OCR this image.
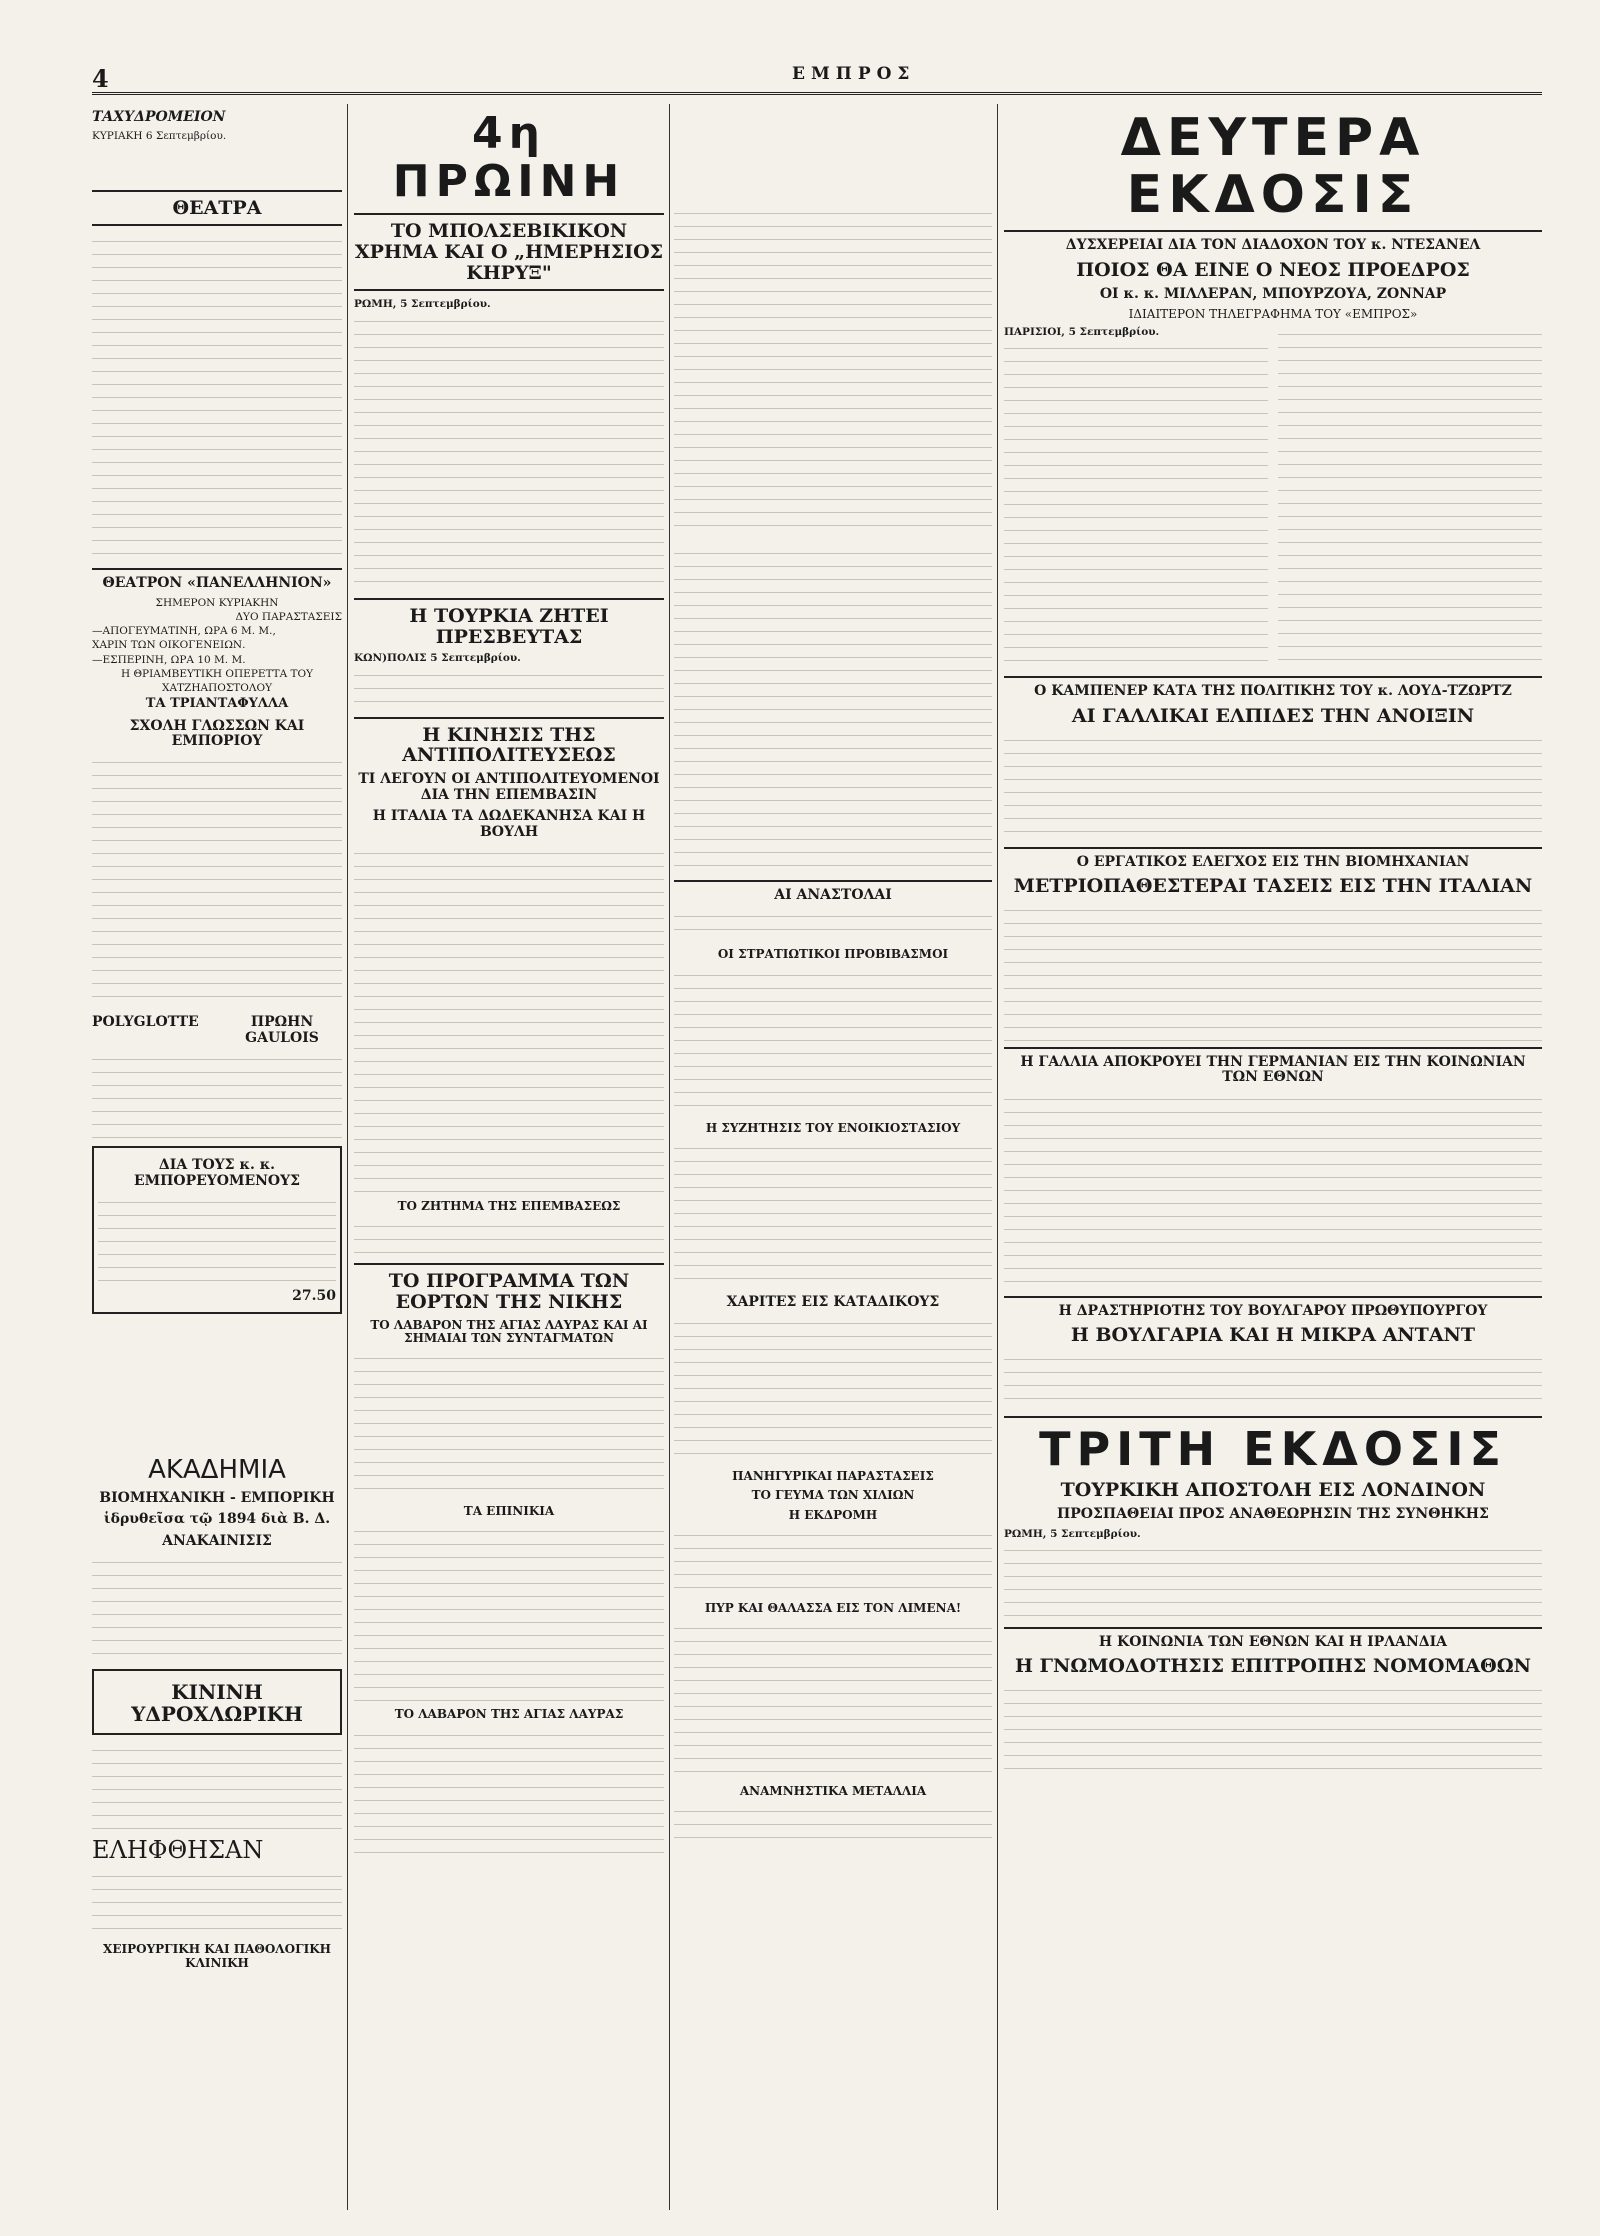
4	ΕΜΠΡΟΣ
ΤΑΧΥΔΡΟΜΕΙΟΝ
ΚΥΡΙΑΚΗ 6 Σεπτεμβρίου.
ΘΕΑΤΡΑ
ΘΕΑΤΡΟΝ «ΠΑΝΕΛΛΗΝΙΟΝ»
ΣΗΜΕΡΟΝ ΚΥΡΙΑΚΗΝ
ΔΥΟ ΠΑΡΑΣΤΑΣΕΙΣ
—ΑΠΟΓΕΥΜΑΤΙΝΗ, ΩΡΑ 6 Μ. Μ.,
ΧΑΡΙΝ ΤΩΝ ΟΙΚΟΓΕΝΕΙΩΝ.
—ΕΣΠΕΡΙΝΗ, ΩΡΑ 10 Μ. Μ.
Η ΘΡΙΑΜΒΕΥΤΙΚΗ ΟΠΕΡΕΤΤΑ ΤΟΥ
ΧΑΤΖΗΑΠΟΣΤΟΛΟΥ
ΤΑ ΤΡΙΑΝΤΑΦΥΛΛΑ
ΣΧΟΛΗ ΓΛΩΣΣΩΝ ΚΑΙ ΕΜΠΟΡΙΟΥ
POLYGLOTTE	ΠΡΩΗΝ GAULOIS
ΔΙΑ ΤΟΥΣ κ. κ. ΕΜΠΟΡΕΥΟΜΕΝΟΥΣ
27.50
ΑΚΑΔΗΜΙΑ
ΒΙΟΜΗΧΑΝΙΚΗ - ΕΜΠΟΡΙΚΗ
ἱδρυθεῖσα τῷ 1894 διὰ Β. Δ.
ΑΝΑΚΑΙΝΙΣΙΣ
ΚΙΝΙΝΗ ΥΔΡΟΧΛΩΡΙΚΗ
ΕΛΗΦΘΗΣΑΝ
ΧΕΙΡΟΥΡΓΙΚΗ ΚΑΙ ΠΑΘΟΛΟΓΙΚΗ ΚΛΙΝΙΚΗ
4η ΠΡΩΙΝΗ
ΤΟ ΜΠΟΛΣΕΒΙΚΙΚΟΝ ΧΡΗΜΑ ΚΑΙ Ο „ΗΜΕΡΗΣΙΟΣ ΚΗΡΥΞ"
ΡΩΜΗ, 5 Σεπτεμβρίου.
Η ΤΟΥΡΚΙΑ ΖΗΤΕΙ ΠΡΕΣΒΕΥΤΑΣ
ΚΩΝ)ΠΟΛΙΣ 5 Σεπτεμβρίου.
Η ΚΙΝΗΣΙΣ ΤΗΣ ΑΝΤΙΠΟΛΙΤΕΥΣΕΩΣ
ΤΙ ΛΕΓΟΥΝ ΟΙ ΑΝΤΙΠΟΛΙΤΕΥΟΜΕΝΟΙ ΔΙΑ ΤΗΝ ΕΠΕΜΒΑΣΙΝ
Η ΙΤΑΛΙΑ ΤΑ ΔΩΔΕΚΑΝΗΣΑ ΚΑΙ Η ΒΟΥΛΗ
ΤΟ ΖΗΤΗΜΑ ΤΗΣ ΕΠΕΜΒΑΣΕΩΣ
ΤΟ ΠΡΟΓΡΑΜΜΑ ΤΩΝ ΕΟΡΤΩΝ ΤΗΣ ΝΙΚΗΣ
ΤΟ ΛΑΒΑΡΟΝ ΤΗΣ ΑΓΙΑΣ ΛΑΥΡΑΣ ΚΑΙ ΑΙ ΣΗΜΑΙΑΙ ΤΩΝ ΣΥΝΤΑΓΜΑΤΩΝ
ΤΑ ΕΠΙΝΙΚΙΑ
ΤΟ ΛΑΒΑΡΟΝ ΤΗΣ ΑΓΙΑΣ ΛΑΥΡΑΣ
ΑΙ ΑΝΑΣΤΟΛΑΙ
ΟΙ ΣΤΡΑΤΙΩΤΙΚΟΙ ΠΡΟΒΙΒΑΣΜΟΙ
Η ΣΥΖΗΤΗΣΙΣ ΤΟΥ ΕΝΟΙΚΙΟΣΤΑΣΙΟΥ
ΧΑΡΙΤΕΣ ΕΙΣ ΚΑΤΑΔΙΚΟΥΣ
ΠΑΝΗΓΥΡΙΚΑΙ ΠΑΡΑΣΤΑΣΕΙΣ
ΤΟ ΓΕΥΜΑ ΤΩΝ ΧΙΛΙΩΝ
Η ΕΚΔΡΟΜΗ
ΠΥΡ ΚΑΙ ΘΑΛΑΣΣΑ ΕΙΣ ΤΟΝ ΛΙΜΕΝΑ!
ΑΝΑΜΝΗΣΤΙΚΑ ΜΕΤΑΛΛΙΑ
ΔΕΥΤΕΡΑ ΕΚΔΟΣΙΣ
ΔΥΣΧΕΡΕΙΑΙ ΔΙΑ ΤΟΝ ΔΙΑΔΟΧΟΝ ΤΟΥ κ. ΝΤΕΣΑΝΕΛ
ΠΟΙΟΣ ΘΑ ΕΙΝΕ Ο ΝΕΟΣ ΠΡΟΕΔΡΟΣ
ΟΙ κ. κ. ΜΙΛΛΕΡΑΝ, ΜΠΟΥΡΖΟΥΑ, ΖΟΝΝΑΡ
ΙΔΙΑΙΤΕΡΟΝ ΤΗΛΕΓΡΑΦΗΜΑ ΤΟΥ «ΕΜΠΡΟΣ»
ΠΑΡΙΣΙΟΙ, 5 Σεπτεμβρίου.
Ο ΚΑΜΠΕΝΕΡ ΚΑΤΑ ΤΗΣ ΠΟΛΙΤΙΚΗΣ ΤΟΥ κ. ΛΟΥΔ-ΤΖΩΡΤΖ
ΑΙ ΓΑΛΛΙΚΑΙ ΕΛΠΙΔΕΣ ΤΗΝ ΑΝΟΙΞΙΝ
Ο ΕΡΓΑΤΙΚΟΣ ΕΛΕΓΧΟΣ ΕΙΣ ΤΗΝ ΒΙΟΜΗΧΑΝΙΑΝ
ΜΕΤΡΙΟΠΑΘΕΣΤΕΡΑΙ ΤΑΣΕΙΣ ΕΙΣ ΤΗΝ ΙΤΑΛΙΑΝ
Η ΓΑΛΛΙΑ ΑΠΟΚΡΟΥΕΙ ΤΗΝ ΓΕΡΜΑΝΙΑΝ ΕΙΣ ΤΗΝ ΚΟΙΝΩΝΙΑΝ ΤΩΝ ΕΘΝΩΝ
Η ΔΡΑΣΤΗΡΙΟΤΗΣ ΤΟΥ ΒΟΥΛΓΑΡΟΥ ΠΡΩΘΥΠΟΥΡΓΟΥ
Η ΒΟΥΛΓΑΡΙΑ ΚΑΙ Η ΜΙΚΡΑ ΑΝΤΑΝΤ
ΤΡΙΤΗ ΕΚΔΟΣΙΣ
ΤΟΥΡΚΙΚΗ ΑΠΟΣΤΟΛΗ ΕΙΣ ΛΟΝΔΙΝΟΝ
ΠΡΟΣΠΑΘΕΙΑΙ ΠΡΟΣ ΑΝΑΘΕΩΡΗΣΙΝ ΤΗΣ ΣΥΝΘΗΚΗΣ
ΡΩΜΗ, 5 Σεπτεμβρίου.
Η ΚΟΙΝΩΝΙΑ ΤΩΝ ΕΘΝΩΝ ΚΑΙ Η ΙΡΛΑΝΔΙΑ
Η ΓΝΩΜΟΔΟΤΗΣΙΣ ΕΠΙΤΡΟΠΗΣ ΝΟΜΟΜΑΘΩΝ
